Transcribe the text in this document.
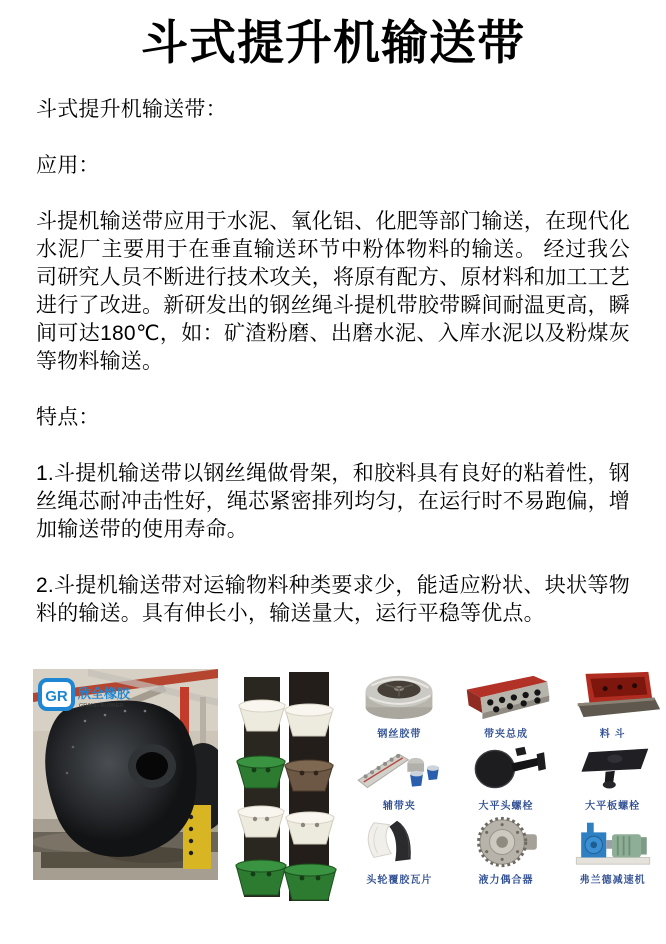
斗式提升机输送带

斗式提升机输送带：

应用：

斗提机输送带应用于水泥、氧化铝、化肥等部门输送，在现代化水泥厂主要用于在垂直输送环节中粉体物料的输送。 经过我公司研究人员不断进行技术攻关，将原有配方、原材料和加工工艺进行了改进。新研发出的钢丝绳斗提机带胶带瞬间耐温更高，瞬间可达180℃，如：矿渣粉磨、出磨水泥、入库水泥以及粉煤灰等物料输送。

特点：

1.斗提机输送带以钢丝绳做骨架，和胶料具有良好的粘着性，钢丝绳芯耐冲击性好，绳芯紧密排列均匀，在运行时不易跑偏，增加输送带的使用寿命。

2.斗提机输送带对运输物料种类要求少，能适应粉状、块状等物料的输送。具有伸长小，输送量大，运行平稳等优点。

GR 欣全橡胶
GRAND RUBBER
钢丝胶带	带夹总成	料 斗
辅带夹	大平头螺栓	大平板螺栓
头轮覆胶瓦片	液力偶合器	弗兰德减速机
